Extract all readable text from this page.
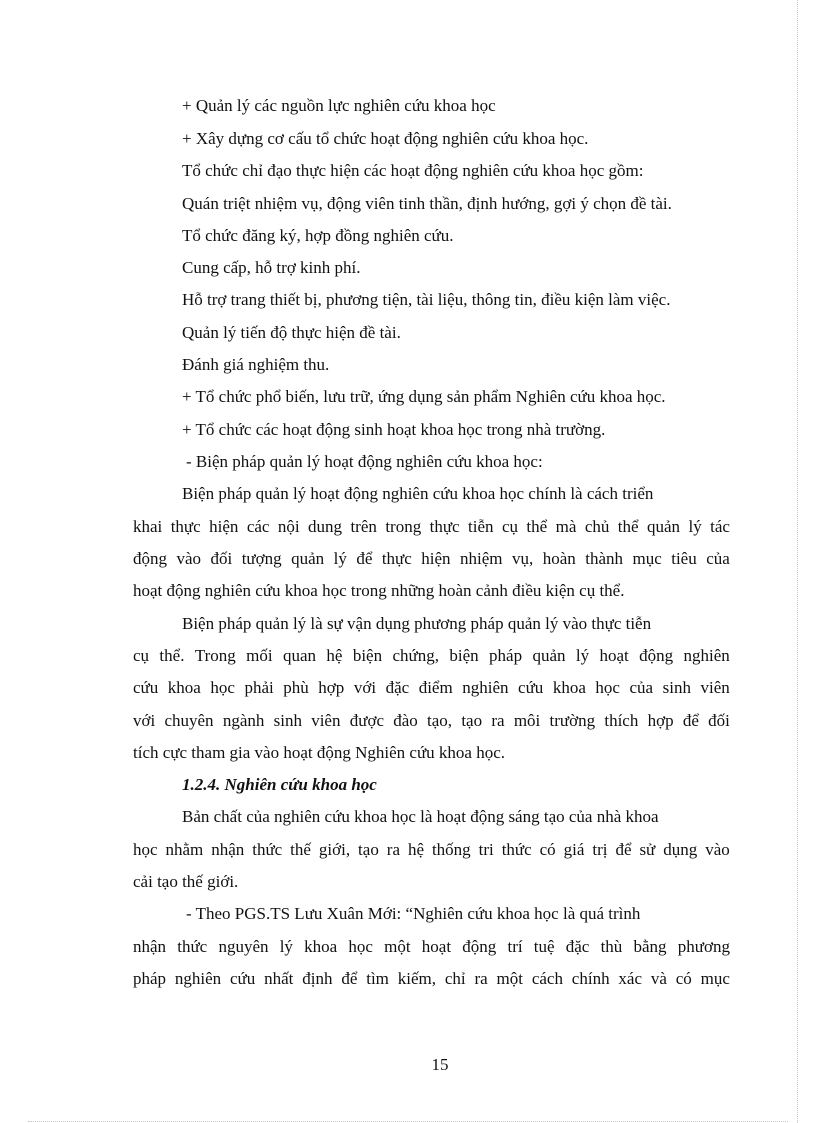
+ Quản lý các nguồn lực nghiên cứu khoa học
+ Xây dựng cơ cấu tổ chức hoạt động nghiên cứu khoa học.
Tổ chức chỉ đạo thực hiện các hoạt động nghiên cứu khoa học gồm:
Quán triệt nhiệm vụ, động viên tinh thần, định hướng, gợi ý chọn đề tài.
Tổ chức đăng ký, hợp đồng nghiên cứu.
Cung cấp, hỗ trợ kinh phí.
Hỗ trợ trang thiết bị, phương tiện, tài liệu, thông tin, điều kiện làm việc.
Quản lý tiến độ thực hiện đề tài.
Đánh giá nghiệm thu.
+ Tổ chức phổ biến, lưu trữ, ứng dụng sản phẩm Nghiên cứu khoa học.
+ Tổ chức các hoạt động sinh hoạt khoa học trong nhà trường.
- Biện pháp quản lý hoạt động nghiên cứu khoa học:
Biện pháp quản lý hoạt động nghiên cứu khoa học chính là cách triển
khai thực hiện các nội dung trên trong thực tiễn cụ thể mà chủ thể quản lý tác
động vào đối tượng quản lý để thực hiện nhiệm vụ, hoàn thành mục tiêu của
hoạt động nghiên cứu khoa học trong những hoàn cảnh điều kiện cụ thể.
Biện pháp quản lý là sự vận dụng phương pháp quản lý vào thực tiễn
cụ thể. Trong mối quan hệ biện chứng, biện pháp quản lý hoạt động nghiên
cứu khoa học phải phù hợp với đặc điểm nghiên cứu khoa học của sinh viên
với chuyên ngành sinh viên được đào tạo, tạo ra môi trường thích hợp để đối
tích cực tham gia vào hoạt động Nghiên cứu khoa học.
1.2.4. Nghiên cứu khoa học
Bản chất của nghiên cứu khoa học là hoạt động sáng tạo của nhà khoa
học nhằm nhận thức thế giới, tạo ra hệ thống tri thức có giá trị để sử dụng vào
cải tạo thế giới.
- Theo PGS.TS Lưu Xuân Mới: “Nghiên cứu khoa học là quá trình
nhận thức nguyên lý khoa học một hoạt động trí tuệ đặc thù bằng phương
pháp nghiên cứu nhất định để tìm kiếm, chỉ ra một cách chính xác và có mục
15
